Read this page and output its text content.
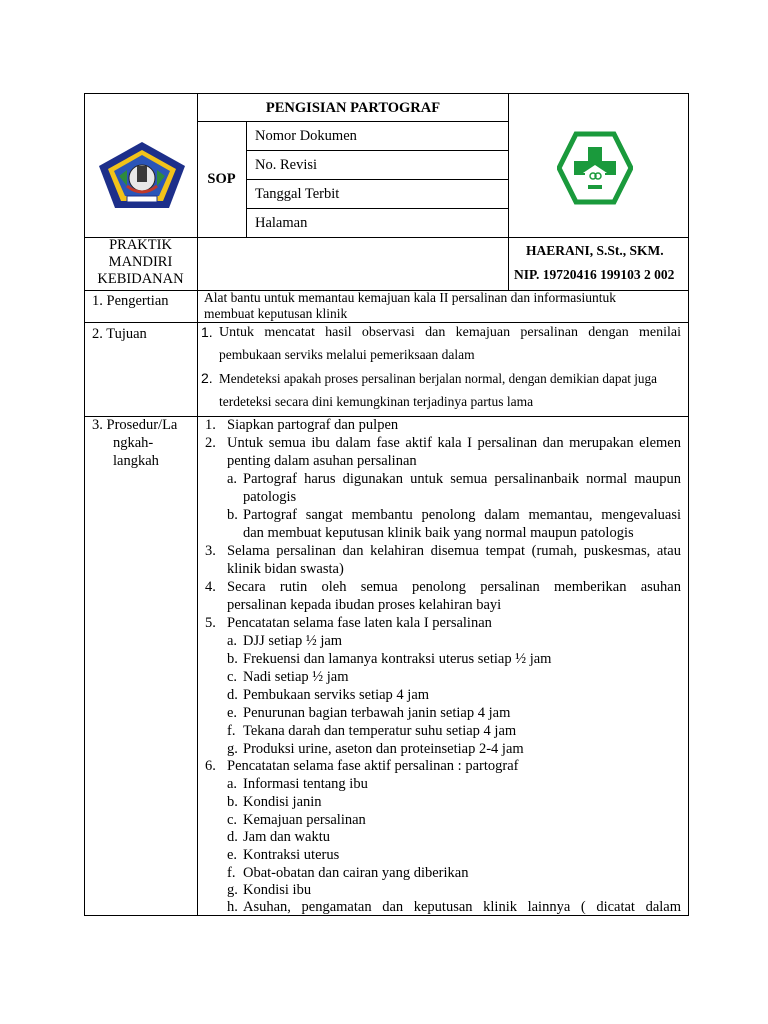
PENGISIAN PARTOGRAF
SOP
Nomor Dokumen
No. Revisi
Tanggal Terbit
Halaman
PRAKTIK
MANDIRI
KEBIDANAN
HAERANI, S.St., SKM.
NIP. 19720416 199103 2 002
1. Pengertian	Alat bantu untuk memantau kemajuan kala II persalinan dan informasiuntuk
membuat keputusan klinik
2. Tujuan	1. Untuk mencatat hasil observasi dan kemajuan persalinan dengan menilai
pembukaan serviks melalui pemeriksaan dalam
2. Mendeteksi apakah proses persalinan berjalan normal, dengan demikian dapat juga
terdeteksi secara dini kemungkinan terjadinya partus lama
3. Prosedur/La
ngkah-
langkah
1. Siapkan partograf dan pulpen
2. Untuk semua ibu dalam fase aktif kala I persalinan dan merupakan elemen
penting dalam asuhan persalinan
a. Partograf harus digunakan untuk semua persalinanbaik normal maupun
patologis
b. Partograf sangat membantu penolong dalam memantau, mengevaluasi
dan membuat keputusan klinik baik yang normal maupun patologis
3. Selama persalinan dan kelahiran disemua tempat (rumah, puskesmas, atau
klinik bidan swasta)
4. Secara rutin oleh semua penolong persalinan memberikan asuhan
persalinan kepada ibudan proses kelahiran bayi
5. Pencatatan selama fase laten kala I persalinan
a. DJJ setiap ½ jam
b. Frekuensi dan lamanya kontraksi uterus setiap ½ jam
c. Nadi setiap ½ jam
d. Pembukaan serviks setiap 4 jam
e. Penurunan bagian terbawah janin setiap 4 jam
f. Tekana darah dan temperatur suhu setiap 4 jam
g. Produksi urine, aseton dan proteinsetiap 2-4 jam
6. Pencatatan selama fase aktif persalinan : partograf
a. Informasi tentang ibu
b. Kondisi janin
c. Kemajuan persalinan
d. Jam dan waktu
e. Kontraksi uterus
f. Obat-obatan dan cairan yang diberikan
g. Kondisi ibu
h. Asuhan, pengamatan dan keputusan klinik lainnya ( dicatat dalam
